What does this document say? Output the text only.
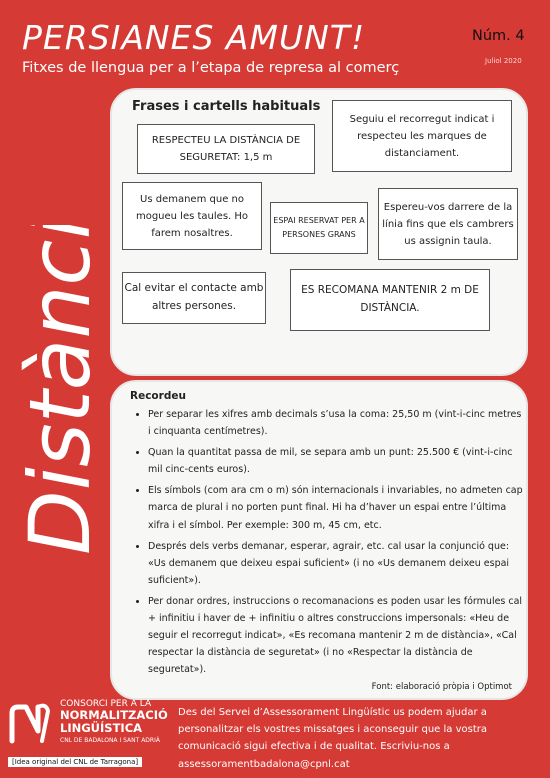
PERSIANES AMUNT!
Fitxes de llengua per a l’etapa de represa al comerç
Núm. 4
Juliol 2020
Distància
Frases i cartells habituals
RESPECTEU LA DISTÀNCIA DE SEGURETAT: 1,5 m
Seguiu el recorregut indicat i respecteu les marques de distanciament.
Us demanem que no mogueu les taules. Ho farem nosaltres.
ESPAI RESERVAT PER A PERSONES GRANS
Espereu-vos darrere de la línia fins que els cambrers us assignin taula.
Cal evitar el contacte amb altres persones.
ES RECOMANA MANTENIR 2 m DE DISTÀNCIA.
Recordeu
• Per separar les xifres amb decimals s’usa la coma: 25,50 m (vint-i-cinc metres i cinquanta centímetres).
• Quan la quantitat passa de mil, se separa amb un punt: 25.500 € (vint-i-cinc mil cinc-cents euros).
• Els símbols (com ara cm o m) són internacionals i invariables, no admeten cap marca de plural i no porten punt final. Hi ha d’haver un espai entre l’última xifra i el símbol. Per exemple: 300 m, 45 cm, etc.
• Després dels verbs demanar, esperar, agrair, etc. cal usar la conjunció que: «Us demanem que deixeu espai suficient» (i no «Us demanem deixeu espai suficient»).
• Per donar ordres, instruccions o recomanacions es poden usar les fórmules cal + infinitiu i haver de + infinitiu o altres construccions impersonals: «Heu de seguir el recorregut indicat», «Es recomana mantenir 2 m de distància», «Cal respectar la distància de seguretat» (i no «Respectar la distància de seguretat»).
Font: elaboració pròpia i Optimot
CONSORCI PER A LA
NORMALITZACIÓ
LINGÜÍSTICA
CNL DE BADALONA I SANT ADRIÀ
[Idea original del CNL de Tarragona]
Des del Servei d’Assessorament Lingüístic us podem ajudar a personalitzar els vostres missatges i aconseguir que la vostra comunicació sigui efectiva i de qualitat. Escriviu-nos a assessoramentbadalona@cpnl.cat
